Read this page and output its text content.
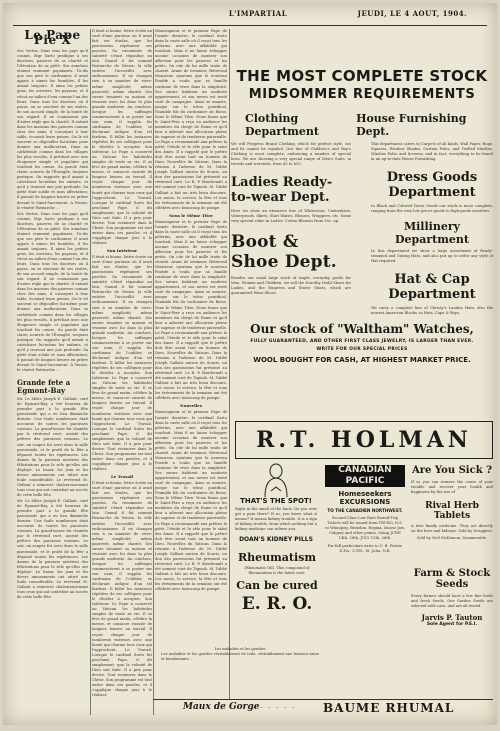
L'IMPARTIAL	JEUDI, LE 4 AOUT, 1904.
Le Pape Pie X

Ses Vertus. Dans tous les pays qu'il connut, Mgr Sarto prodigue à ses diocèses, pauvres de sa charité et l'élévation de sa piété. Ses aumônes étaient vraiment populaires. Tu-dis que son père le cordonnier, il avait appris à aimer les humbles, il les aimait toujours. Il aima les petites gens, les ouvriers, les paysans, et il vécut au milieu d'eux comme l'un des leurs. Dans tous les diocèses où il passa, on se souvient de ses visites, de son accueil simple, de la bonté de son regard. Il ne connaissait pas d'autre règle que la charité. Il entrait dans les maisons des pauvres comme chez des amis, il s'asseyait à leur table, écoutait leurs peines. On le vit souvent se dépouiller lui-même pour donner aux malheureux. Dans sa cathédrale comme dans les villages les plus reculés, il prêchait avec une éloquence simple et populaire qui touchait les cœurs. Sa parole était claire, nourrie de l'Évangile, toujours pratique. On rapporte qu'il aimait à catéchiser lui-même les enfants, et qu'il y trouvait une joie profonde. Sa piété était solide et sans affectation; il passait de longues heures en prière devant le Saint-Sacrement. A Venise, le vénéré Patriarche ...

Ses Vertus. Dans tous les pays qu'il connut, Mgr Sarto prodigue à ses diocèses, pauvres de sa charité et l'élévation de sa piété. Ses aumônes étaient vraiment populaires. Tu-dis que son père le cordonnier, il avait appris à aimer les humbles, il les aimait toujours. Il aima les petites gens, les ouvriers, les paysans, et il vécut au milieu d'eux comme l'un des leurs. Dans tous les diocèses où il passa, on se souvient de ses visites, de son accueil simple, de la bonté de son regard. Il ne connaissait pas d'autre règle que la charité. Il entrait dans les maisons des pauvres comme chez des amis, il s'asseyait à leur table, écoutait leurs peines. On le vit souvent se dépouiller lui-même pour donner aux malheureux. Dans sa cathédrale comme dans les villages les plus reculés, il prêchait avec une éloquence simple et populaire qui touchait les cœurs. Sa parole était claire, nourrie de l'Évangile, toujours pratique. On rapporte qu'il aimait à catéchiser lui-même les enfants, et qu'il y trouvait une joie profonde. Sa piété était solide et sans affectation; il passait de longues heures en prière devant le Saint-Sacrement. A Venise, le vénéré Patriarche ...

Grande fete a Egmont-Bay

Mr. Le Miles Joseph E. Gallant, curé de Egmont-Bay, a été heureux de prendre part à la grande fête paroissiale qui a eu lieu dimanche dernier. Une foule nombreuse était accourue de toutes les paroisses voisines. La grand'messe fut chantée par le révérend curé, assisté des prêtres des paroisses voisines. Le soir, un souper fut servi dans la salle paroissiale, et le profit de la fête a dépassé toutes les espérances. Les dames de la paroisse méritent des félicitations pour le zèle qu'elles ont déployé. Le bazar, les jeux et les divers amusements ont attiré une foule considérable. Le révérend M. Gallant a remercié chaleureusement tous ceux qui ont contribué au succès de cette belle fête.

Mr. Le Miles Joseph E. Gallant, curé de Egmont-Bay, a été heureux de prendre part à la grande fête paroissiale qui a eu lieu dimanche dernier. Une foule nombreuse était accourue de toutes les paroisses voisines. La grand'messe fut chantée par le révérend curé, assisté des prêtres des paroisses voisines. Le soir, un souper fut servi dans la salle paroissiale, et le profit de la fête a dépassé toutes les espérances. Les dames de la paroisse méritent des félicitations pour le zèle qu'elles ont déployé. Le bazar, les jeux et les divers amusements ont attiré une foule considérable. Le révérend M. Gallant a remercié chaleureusement tous ceux qui ont contribué au succès de cette belle fête.

Il était si bonne, lettre écrite au curé d'une paroisse où il avait fait ses études, que les paroissiens répétaient ses paroles. Sa renommée de sainteté s'était répandue au loin. Quand il fut nommé Patriarche de Venise, la ville entière l'accueillit avec enthousiasme. Il ne changea rien à sa manière de vivre: même simplicité, même pauvreté, même charité. Ses sœurs tenaient sa maison et vivaient avec lui dans la plus grande modestie. Au conclave, lorsque les suffrages commencèrent à se porter sur son nom, il supplia les cardinaux de l'oublier, se déclarant indigne d'un tel fardeau. Il fallut les instances répétées de ses collègues pour le décider à accepter. Son Intérieur. Le Pape a conservé au Vatican les habitudes simples de toute sa vie. Il se lève de grand matin, célèbre la messe, et consacre ensuite de longues heures au travail. Il reçoit chaque jour de nombreux visiteurs avec une bonté qui charme tous ceux qui l'approchent. Le Travail. Lorsque le cardinal Sarto fut proclamé Pape, il dit simplement: que la volonté de Dieu soit faite. Il a pris pour devise: Tout restaurer dans le Christ. Son programme est tout entier dans ces paroles, et il s'applique chaque jour à le réaliser.

Son Intérieur

Il était si bonne, lettre écrite au curé d'une paroisse où il avait fait ses études, que les paroissiens répétaient ses paroles. Sa renommée de sainteté s'était répandue au loin. Quand il fut nommé Patriarche de Venise, la ville entière l'accueillit avec enthousiasme. Il ne changea rien à sa manière de vivre: même simplicité, même pauvreté, même charité. Ses sœurs tenaient sa maison et vivaient avec lui dans la plus grande modestie. Au conclave, lorsque les suffrages commencèrent à se porter sur son nom, il supplia les cardinaux de l'oublier, se déclarant indigne d'un tel fardeau. Il fallut les instances répétées de ses collègues pour le décider à accepter. Son Intérieur. Le Pape a conservé au Vatican les habitudes simples de toute sa vie. Il se lève de grand matin, célèbre la messe, et consacre ensuite de longues heures au travail. Il reçoit chaque jour de nombreux visiteurs avec une bonté qui charme tous ceux qui l'approchent. Le Travail. Lorsque le cardinal Sarto fut proclamé Pape, il dit simplement: que la volonté de Dieu soit faite. Il a pris pour devise: Tout restaurer dans le Christ. Son programme est tout entier dans ces paroles, et il s'applique chaque jour à le réaliser.

Le Travail

Il était si bonne, lettre écrite au curé d'une paroisse où il avait fait ses études, que les paroissiens répétaient ses paroles. Sa renommée de sainteté s'était répandue au loin. Quand il fut nommé Patriarche de Venise, la ville entière l'accueillit avec enthousiasme. Il ne changea rien à sa manière de vivre: même simplicité, même pauvreté, même charité. Ses sœurs tenaient sa maison et vivaient avec lui dans la plus grande modestie. Au conclave, lorsque les suffrages commencèrent à se porter sur son nom, il supplia les cardinaux de l'oublier, se déclarant indigne d'un tel fardeau. Il fallut les instances répétées de ses collègues pour le décider à accepter. Son Intérieur. Le Pape a conservé au Vatican les habitudes simples de toute sa vie. Il se lève de grand matin, célèbre la messe, et consacre ensuite de longues heures au travail. Il reçoit chaque jour de nombreux visiteurs avec une bonté qui charme tous ceux qui l'approchent. Le Travail. Lorsque le cardinal Sarto fut proclamé Pape, il dit simplement: que la volonté de Dieu soit faite. Il a pris pour devise: Tout restaurer dans le Christ. Son programme est tout entier dans ces paroles, et il s'applique chaque jour à le réaliser.

Monseigneur et le premier Pape de l'année dernière, le cardinal Sarto dans la vaste salle où il reçut tous les pèlerins, avec une affabilité qui touchait. Mais il ne laisse échapper aucune occasion de montrer son affection pour les pauvres et les petits. On cite de lui mille traits de charité. Avant de terminer, Révérend Monsieur, ajoutons que le nouveau Pontife a voulu que sa famille continue de vivre dans la simplicité. Ses sœurs habitent un modeste appartement, et son neveu est resté curé de campagne. Ainsi se montre, jusque sur le trône pontifical, l'humble fils du cordonnier de Riese. Sous le Même Titre. Nous lisons que le Saint-Père a reçu en audience les membres du clergé de Rome et qu'il leur a adressé une allocution pleine de sagesse et de tendresse paternelle. Le Pape a recommandé aux prêtres la piété, l'étude et le zèle pour le salut des âmes. Il a rappelé que le prêtre doit être avant tout un homme de Dieu. Nouvelles du Vatican. Dans la réunion à l'adresse de M. l'abbé Joseph Gallant ancien de Souris, un don des paroissiens fut présenté au révérend curé. Le R. P. Boudreault a été nommé curé de Tignish. M. l'abbé Gallant a fait un très beau discours. Les noces, le service, la fête et tous les événements de la semaine ont été célébrés avec beaucoup de pompe.

Sous le Même Titre

Monseigneur et le premier Pape de l'année dernière, le cardinal Sarto dans la vaste salle où il reçut tous les pèlerins, avec une affabilité qui touchait. Mais il ne laisse échapper aucune occasion de montrer son affection pour les pauvres et les petits. On cite de lui mille traits de charité. Avant de terminer, Révérend Monsieur, ajoutons que le nouveau Pontife a voulu que sa famille continue de vivre dans la simplicité. Ses sœurs habitent un modeste appartement, et son neveu est resté curé de campagne. Ainsi se montre, jusque sur le trône pontifical, l'humble fils du cordonnier de Riese. Sous le Même Titre. Nous lisons que le Saint-Père a reçu en audience les membres du clergé de Rome et qu'il leur a adressé une allocution pleine de sagesse et de tendresse paternelle. Le Pape a recommandé aux prêtres la piété, l'étude et le zèle pour le salut des âmes. Il a rappelé que le prêtre doit être avant tout un homme de Dieu. Nouvelles du Vatican. Dans la réunion à l'adresse de M. l'abbé Joseph Gallant ancien de Souris, un don des paroissiens fut présenté au révérend curé. Le R. P. Boudreault a été nommé curé de Tignish. M. l'abbé Gallant a fait un très beau discours. Les noces, le service, la fête et tous les événements de la semaine ont été célébrés avec beaucoup de pompe.

Nouvelles

Monseigneur et le premier Pape de l'année dernière, le cardinal Sarto dans la vaste salle où il reçut tous les pèlerins, avec une affabilité qui touchait. Mais il ne laisse échapper aucune occasion de montrer son affection pour les pauvres et les petits. On cite de lui mille traits de charité. Avant de terminer, Révérend Monsieur, ajoutons que le nouveau Pontife a voulu que sa famille continue de vivre dans la simplicité. Ses sœurs habitent un modeste appartement, et son neveu est resté curé de campagne. Ainsi se montre, jusque sur le trône pontifical, l'humble fils du cordonnier de Riese. Sous le Même Titre. Nous lisons que le Saint-Père a reçu en audience les membres du clergé de Rome et qu'il leur a adressé une allocution pleine de sagesse et de tendresse paternelle. Le Pape a recommandé aux prêtres la piété, l'étude et le zèle pour le salut des âmes. Il a rappelé que le prêtre doit être avant tout un homme de Dieu. Nouvelles du Vatican. Dans la réunion à l'adresse de M. l'abbé Joseph Gallant ancien de Souris, un don des paroissiens fut présenté au révérend curé. Le R. P. Boudreault a été nommé curé de Tignish. M. l'abbé Gallant a fait un très beau discours. Les noces, le service, la fête et tous les événements de la semaine ont été célébrés avec beaucoup de pompe.

THE MOST COMPLETE STOCK
MIDSOMMER REQUIREMENTS
Clothing Department
House Furnishing Dept.
We will Progress Brand Clothing, which for perfect style, cut and fit cannot be equaled. Our line of Children's and Boy's Clothing is most complete, embracing a number of special lines. We are showing a very special range of Men's Suits, in tweeds and worsteds, from $5 to $15.
Ladies Ready-to-wear Dept.
Here we show an extensive line of Whitewear, Underskirts, Waterproofs, Skirts, Shirt Waists, Blouses, Wrappers, etc. Some very special value in Ladies' Cotton Blouses from 50c. up.
Boot & Shoe Dept.
Besides our usual large stock of staple, everyday goods for Men, Women and Children, we sell the Dorothy Dodd Shoes for Ladies, and the Empress and Stater Shoes, which are guaranteed Wear Shoes.
This department caters to Carpets of all kinds, Wall Paper, Rugs, Squares, Window Shades, Curtain Poles, and Twilled Muslins, Window Poles and Screens, and in fact, everything to be found in an up-to-date House Furnishing.
Dress Goods Department
In Black and Colored Dress Goods our stock is most complete, ranging from the very low prices goods to high-grade novelties.
Millinery Department
In this department we show a large assortment of Ready-trimmed and Outing Hats, and also put up to order any style of Hat required.
Hat & Cap Department
We carry a complete line of Christy's London Hats, also the newest American Blocks, in Hats, Caps & Boys.
Our stock of "Waltham" Watches,
FULLY GUARANTEED, AND OTHER FIRST CLASS JEWELRY, IS LARGER THAN EVER.
WRITE FOR OUR SPECIAL PRICES
WOOL BOUGHT FOR CASH, AT HIGHEST MARKET PRICE.
R.T. HOLMAN
THAT'S THE SPOT!
Right in the small of the back. Do you ever get a pain there? If so, you know what it means? It means kidney trouble. It is a sign of kidney trouble, from which nothing but a kidney medicine can relieve you.
DOAN'S KIDNEY PILLS
CANADIAN PACIFIC
Homeseekers EXCURSIONS
TO THE CANADIEN NORTHWEST.
Second-Class Low Rate Round-Trip Tickets will be issued from TRURO, N.S. to Winnipeg, Brandon, Regina, Moose Jaw, Calgary and other points. Going JUNE 14th, 28th, JULY 12th, 26th.
For full particulars write to C. B. Foster, D.P.A., C.P.R., St. John, N.B.
Are You Sick ?
If so you can remove the cause of your trouble and recover your health and happiness by the use of
Rival Herb Tablets
A true family medicine. They act directly on the liver and kidneys. Sold by Druggists.
Sold by Neil McKinnon, Summerside.
Farm & Stock Seeds
Every farmer should have a few fine fowls and fresh Seeds. Our Garden Seeds are selected with care, and are all tested.
Jarvis P. Tauton
Sole Agent for P.E.I.
Rheumatism
(Rheumatic Oil). This compound of Rheumatism is the latest cure.
Can be cured
E. R. O.
Les maladies et les gouttes
Les maladies et les gouttes véritablement de toile, véritablement une boisson saine et bienfaisante ...
Maux de Gorge
· · · · · · BAUME RHUMAL
